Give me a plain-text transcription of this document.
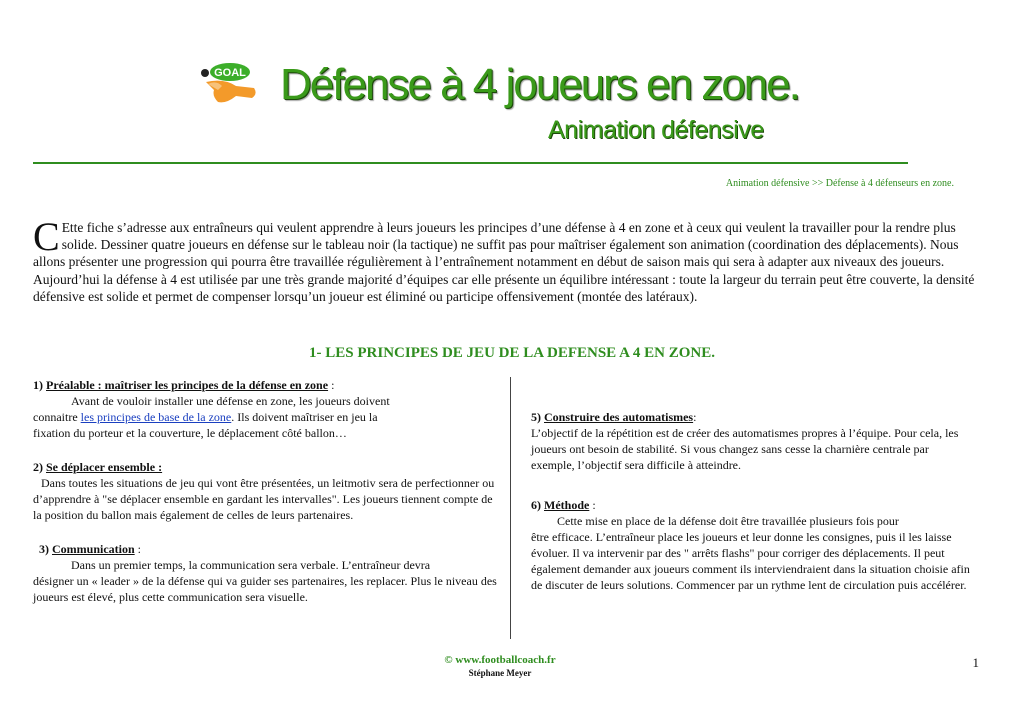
GOAL Défense à 4 joueurs en zone.
Animation défensive
Animation défensive >> Défense à 4 défenseurs en zone.

C Ette fiche s’adresse aux entraîneurs qui veulent apprendre à leurs joueurs les principes d’une défense à 4 en zone et à ceux qui veulent la travailler pour la rendre plus solide. Dessiner quatre joueurs en défense sur le tableau noir (la tactique) ne suffit pas pour maîtriser également son animation (coordination des déplacements). Nous allons présenter une progression qui pourra être travaillée régulièrement à l’entraînement notamment en début de saison mais qui sera à adapter aux niveaux des joueurs.

Aujourd’hui la défense à 4 est utilisée par une très grande majorité d’équipes car elle présente un équilibre intéressant : toute la largeur du terrain peut être couverte, la densité défensive est solide et permet de compenser lorsqu’un joueur est éliminé ou participe offensivement (montée des latéraux).

1- LES PRINCIPES DE JEU DE LA DEFENSE A 4 EN ZONE.

1) Préalable : maîtriser les principes de la défense en zone :

Avant de vouloir installer une défense en zone, les joueurs doivent

connaitre les principes de base de la zone. Ils doivent maîtriser en jeu la

fixation du porteur et la couverture, le déplacement côté ballon…

2) Se déplacer ensemble :

Dans toutes les situations de jeu qui vont être présentées, un leitmotiv sera de perfectionner ou d’apprendre à "se déplacer ensemble en gardant les intervalles". Les joueurs tiennent compte de la position du ballon mais également de celles de leurs partenaires.

3) Communication :

Dans un premier temps, la communication sera verbale. L’entraîneur devra

désigner un « leader » de la défense qui va guider ses partenaires, les replacer. Plus le niveau des joueurs est élevé, plus cette communication sera visuelle.

5) Construire des automatismes:

L’objectif de la répétition est de créer des automatismes propres à l’équipe. Pour cela, les joueurs ont besoin de stabilité. Si vous changez sans cesse la charnière centrale par exemple, l’objectif sera difficile à atteindre.

6) Méthode :

Cette mise en place de la défense doit être travaillée plusieurs fois pour

être efficace. L’entraîneur place les joueurs et leur donne les consignes, puis il les laisse évoluer. Il va intervenir par des " arrêts flashs" pour corriger des déplacements. Il peut également demander aux joueurs comment ils interviendraient dans la situation choisie afin de discuter de leurs solutions. Commencer par un rythme lent de circulation puis accélérer.

© www.footballcoach.fr
Stéphane Meyer
1
